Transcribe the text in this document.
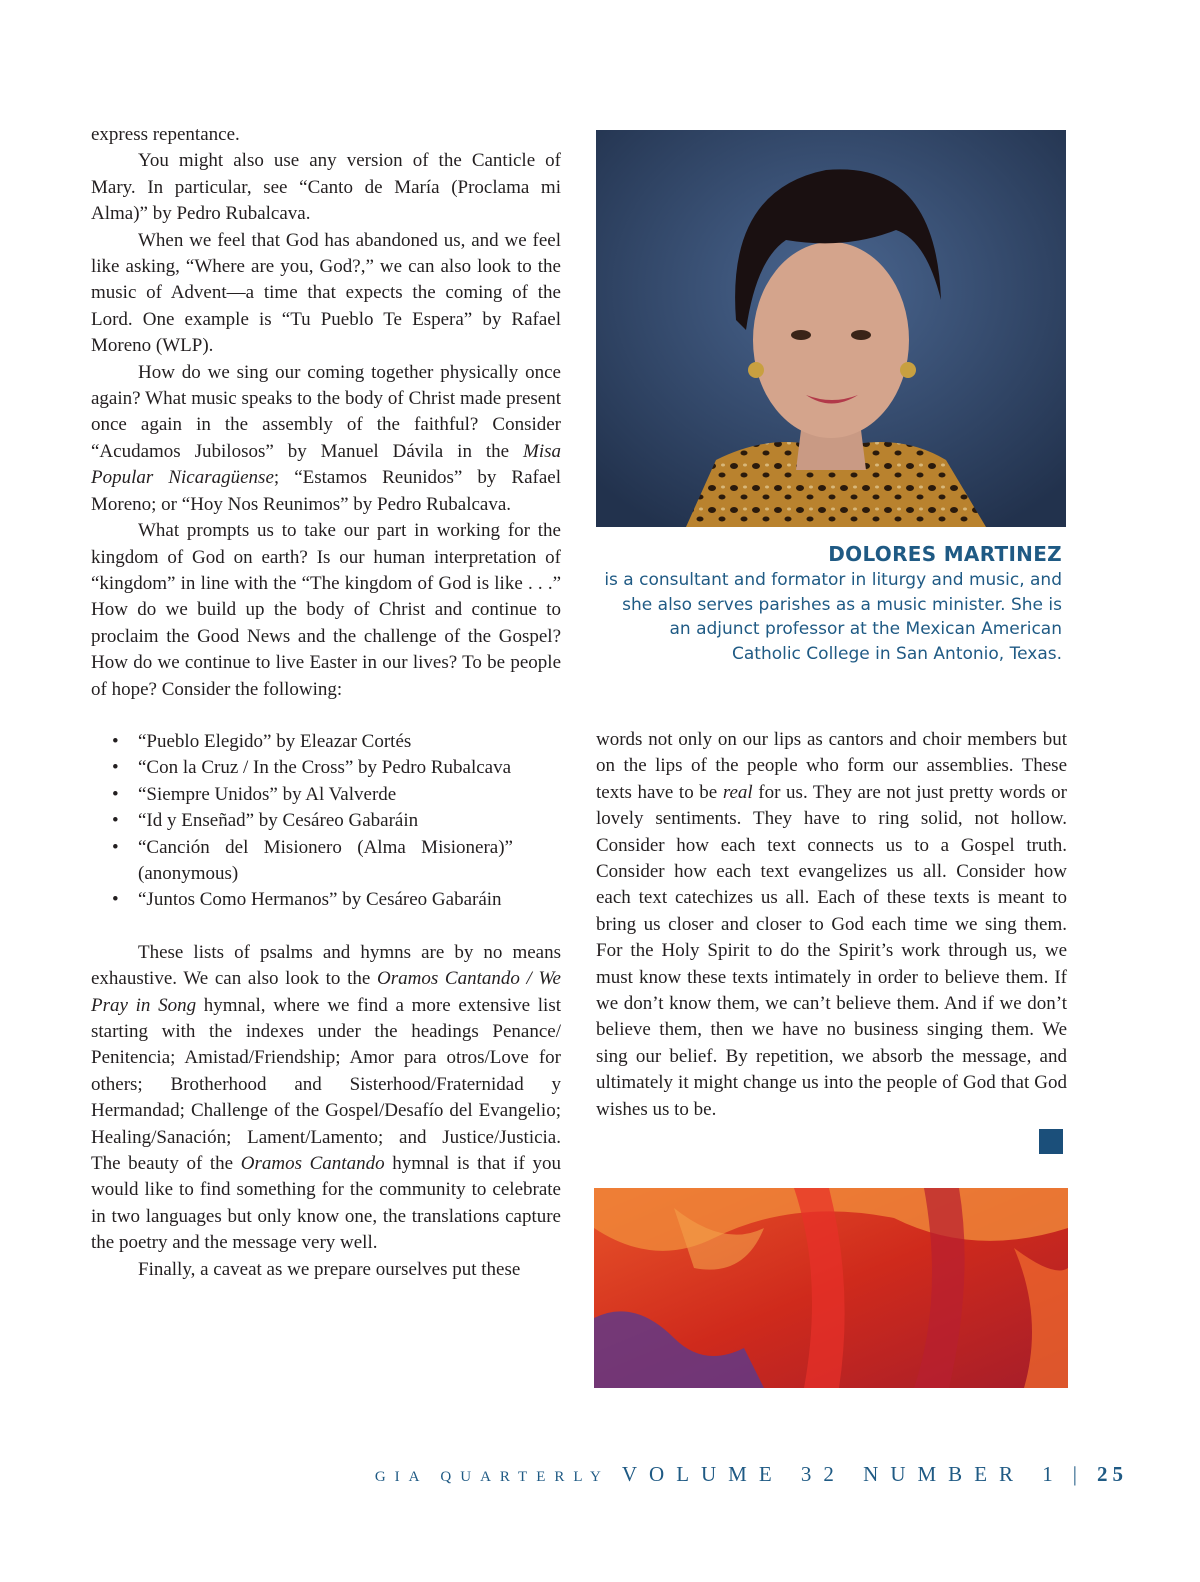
express repentance.

You might also use any version of the Canticle of Mary. In particular, see “Canto de María (Proclama mi Alma)” by Pedro Rubalcava.

When we feel that God has abandoned us, and we feel like asking, “Where are you, God?,” we can also look to the music of Advent—a time that expects the coming of the Lord. One example is “Tu Pueblo Te Espera” by Rafael Moreno (WLP).

How do we sing our coming together physically once again? What music speaks to the body of Christ made present once again in the assembly of the faithful? Consider “Acudamos Jubilosos” by Manuel Dávila in the Misa Popular Nicaragüense; “Estamos Reunidos” by Rafael Moreno; or “Hoy Nos Reunimos” by Pedro Rubalcava.

What prompts us to take our part in working for the kingdom of God on earth? Is our human interpretation of “kingdom” in line with the “The kingdom of God is like . . .” How do we build up the body of Christ and continue to proclaim the Good News and the challenge of the Gospel? How do we continue to live Easter in our lives? To be people of hope? Consider the following:

• “Pueblo Elegido” by Eleazar Cortés
• “Con la Cruz / In the Cross” by Pedro Rubalcava
• “Siempre Unidos” by Al Valverde
• “Id y Enseñad” by Cesáreo Gabaráin
• “Canción del Misionero (Alma Misionera)” (anonymous)
• “Juntos Como Hermanos” by Cesáreo Gabaráin

These lists of psalms and hymns are by no means exhaustive. We can also look to the Oramos Cantando / We Pray in Song hymnal, where we find a more extensive list starting with the indexes under the headings Penance/ Penitencia; Amistad/Friendship; Amor para otros/Love for others; Brotherhood and Sisterhood/Fraternidad y Hermandad; Challenge of the Gospel/Desafío del Evangelio; Healing/Sanación; Lament/Lamento; and Justice/Justicia. The beauty of the Oramos Cantando hymnal is that if you would like to find something for the community to celebrate in two languages but only know one, the translations capture the poetry and the message very well.

Finally, a caveat as we prepare ourselves put these

DOLORES MARTINEZ
is a consultant and formator in liturgy and music, and she also serves parishes as a music minister. She is an adjunct professor at the Mexican American Catholic College in San Antonio, Texas.

words not only on our lips as cantors and choir members but on the lips of the people who form our assemblies. These texts have to be real for us. They are not just pretty words or lovely sentiments. They have to ring solid, not hollow. Consider how each text connects us to a Gospel truth. Consider how each text evangelizes us all. Consider how each text catechizes us all. Each of these texts is meant to bring us closer and closer to God each time we sing them. For the Holy Spirit to do the Spirit’s work through us, we must know these texts intimately in order to believe them. If we don’t know them, we can’t believe them. And if we don’t believe them, then we have no business singing them. We sing our belief. By repetition, we absorb the message, and ultimately it might change us into the people of God that God wishes us to be.

GIA QUARTERLY VOLUME 32 NUMBER 1 | 25
